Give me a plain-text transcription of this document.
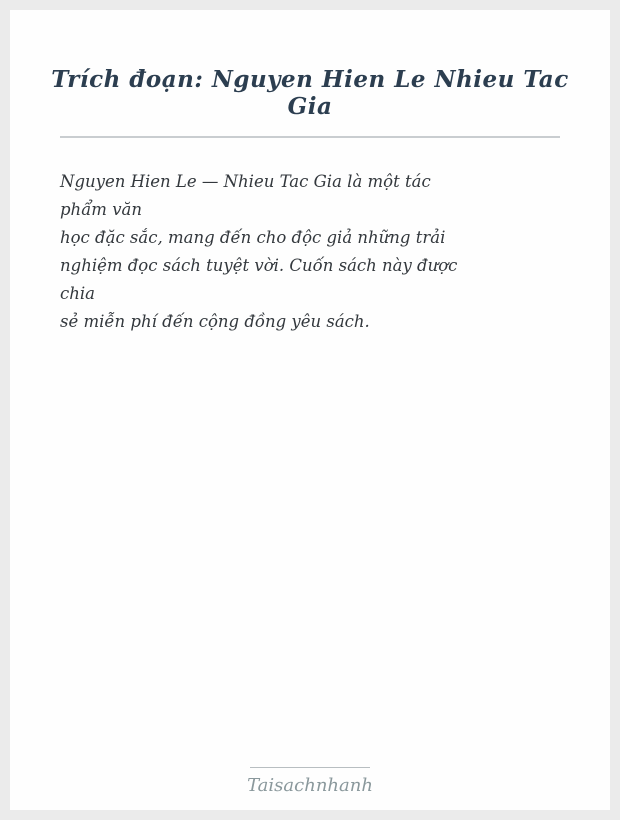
Trích đoạn: Nguyen Hien Le Nhieu Tac Gia
Nguyen Hien Le — Nhieu Tac Gia là một tác
phẩm văn
học đặc sắc, mang đến cho độc giả những trải
nghiệm đọc sách tuyệt vời. Cuốn sách này được
chia
sẻ miễn phí đến cộng đồng yêu sách.
Taisachnhanh
